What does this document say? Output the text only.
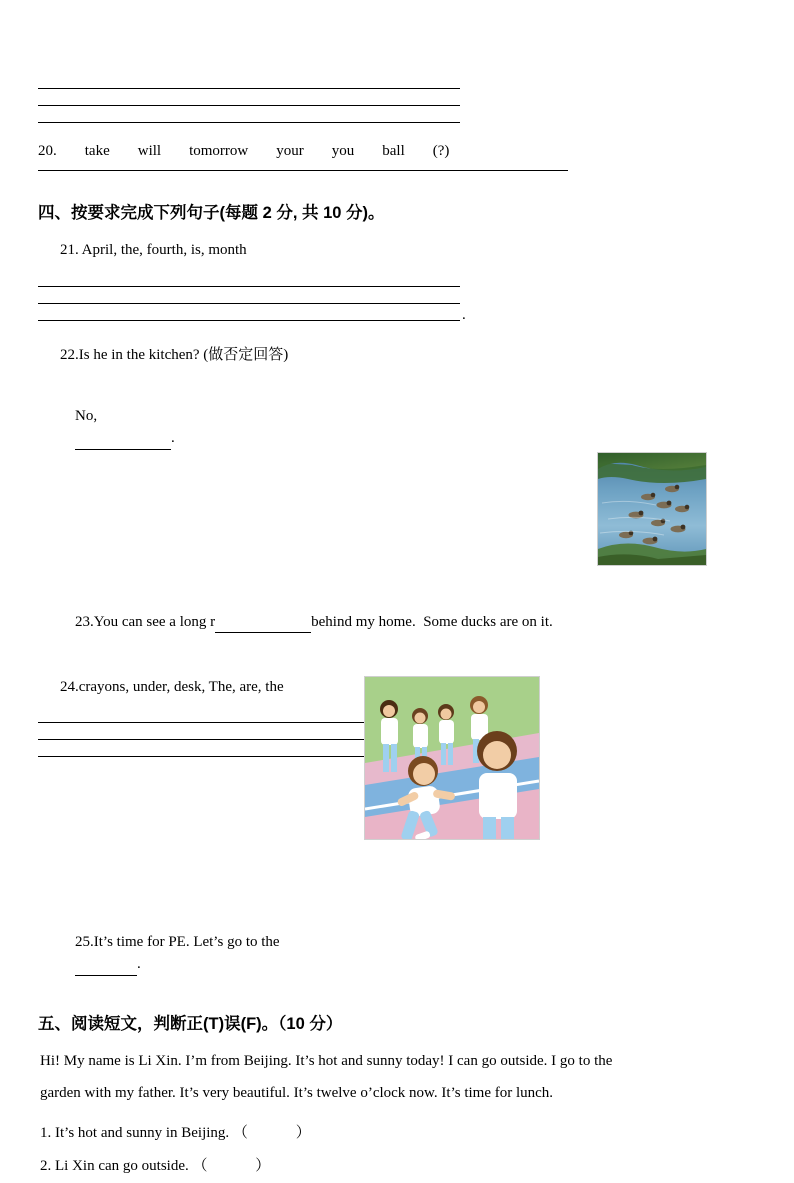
20. take will tomorrow your you ball (?)
四、按要求完成下列句子(每题 2 分, 共 10 分)。
21. April, the, fourth, is, month
.
22.Is he in the kitchen? (做否定回答)

No,
.

23.You can see a long r	behind my home.  Some ducks are on it.

24.crayons, under, desk, The, are, the

25.It’s time for PE. Let’s go to the
.

五、阅读短文，判断正(T)误(F)。（10 分）

Hi! My name is Li Xin. I’m from Beijing. It’s hot and sunny today! I can go outside. I go to the

garden with my father. It’s very beautiful. It’s twelve o’clock now. It’s time for lunch.

1. It’s hot and sunny in Beijing. （	）
2. Li Xin can go outside. （	）
